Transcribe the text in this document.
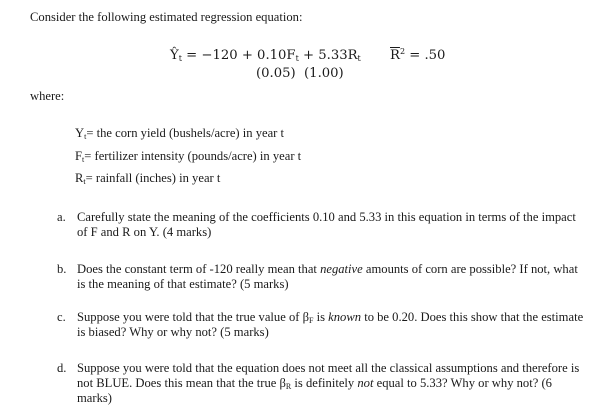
Consider the following estimated regression equation:
$Ŷ_t = -120 + 0.10F_t + 5.33R_t$ $\overline{R}^2 = .50$
(0.05)  (1.00)
where:
$Y_t=$ the corn yield (bushels/acre) in year t
$F_t=$ fertilizer intensity (pounds/acre) in year t
$R_t=$ rainfall (inches) in year t
a. Carefully state the meaning of the coefficients 0.10 and 5.33 in this equation in terms of the impact of F and R on Y. (4 marks)
b. Does the constant term of -120 really mean that negative amounts of corn are possible? If not, what is the meaning of that estimate? (5 marks)
c. Suppose you were told that the true value of $\beta_F$ is known to be 0.20. Does this show that the estimate is biased? Why or why not? (5 marks)
d. Suppose you were told that the equation does not meet all the classical assumptions and therefore is not BLUE. Does this mean that the true $\beta_R$ is definitely not equal to 5.33? Why or why not? (6 marks)
